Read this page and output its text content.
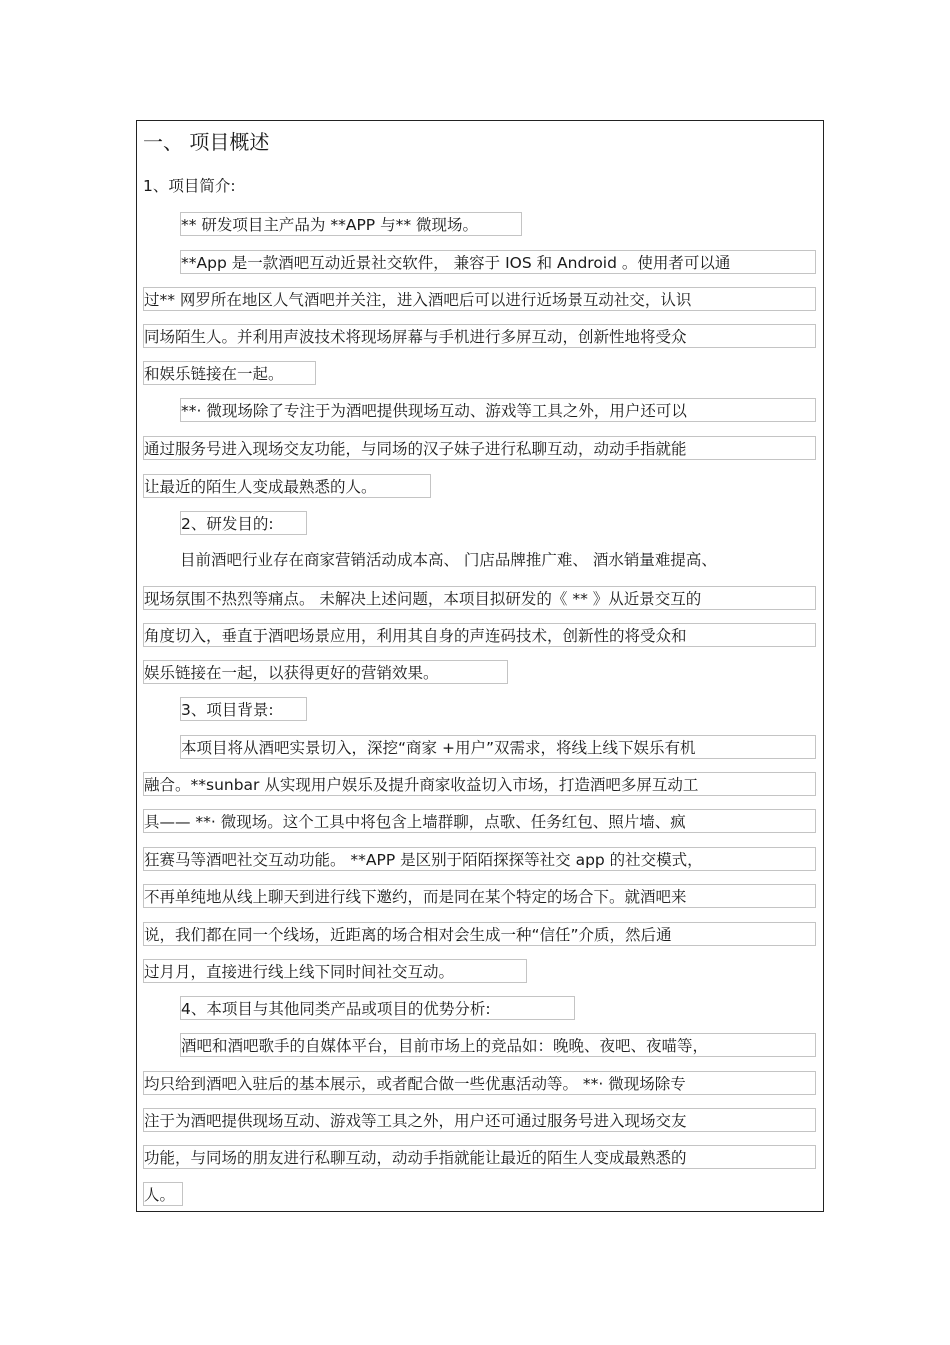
一、 项目概述
1、项目简介:
** 研发项目主产品为 **APP 与** 微现场。
**App 是一款酒吧互动近景社交软件， 兼容于 IOS 和 Android 。使用者可以通
过** 网罗所在地区人气酒吧并关注，进入酒吧后可以进行近场景互动社交，认识
同场陌生人。并利用声波技术将现场屏幕与手机进行多屏互动，创新性地将受众
和娱乐链接在一起。
**· 微现场除了专注于为酒吧提供现场互动、游戏等工具之外，用户还可以
通过服务号进入现场交友功能，与同场的汉子妹子进行私聊互动，动动手指就能
让最近的陌生人变成最熟悉的人。
2、研发目的:
目前酒吧行业存在商家营销活动成本高、 门店品牌推广难、 酒水销量难提高、
现场氛围不热烈等痛点。 未解决上述问题，本项目拟研发的《 ** 》从近景交互的
角度切入，垂直于酒吧场景应用，利用其自身的声连码技术，创新性的将受众和
娱乐链接在一起，以获得更好的营销效果。
3、项目背景:
本项目将从酒吧实景切入，深挖“商家 +用户”双需求，将线上线下娱乐有机
融合。**sunbar 从实现用户娱乐及提升商家收益切入市场，打造酒吧多屏互动工
具—— **· 微现场。这个工具中将包含上墙群聊，点歌、任务红包、照片墙、疯
狂赛马等酒吧社交互动功能。 **APP 是区别于陌陌探探等社交 app 的社交模式，
不再单纯地从线上聊天到进行线下邀约，而是同在某个特定的场合下。就酒吧来
说，我们都在同一个线场，近距离的场合相对会生成一种“信任”介质，然后通
过月月，直接进行线上线下同时间社交互动。
4、本项目与其他同类产品或项目的优势分析:
酒吧和酒吧歌手的自媒体平台，目前市场上的竞品如：晚晚、夜吧、夜喵等，
均只给到酒吧入驻后的基本展示，或者配合做一些优惠活动等。 **· 微现场除专
注于为酒吧提供现场互动、游戏等工具之外，用户还可通过服务号进入现场交友
功能，与同场的朋友进行私聊互动，动动手指就能让最近的陌生人变成最熟悉的
人。
